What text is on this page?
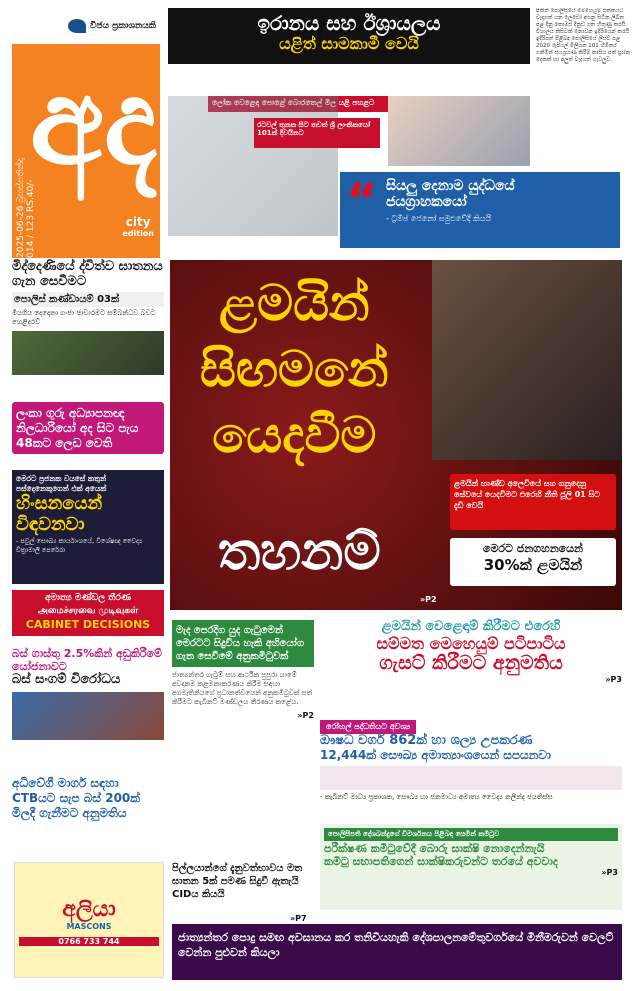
විජය ප්‍රකාශනයකි
අද
2025-06-26 බ්‍රහස්පතින්දා 014 / 123 RS.40/-
city
edition
ඉරානය සහ ඊශ්‍රායලය
යළිත් සාමකාමී වෙයි
ලෝක වෙළෙඳ පොළේ බොරතෙල් මිල යළි පහළට
රටවල් තුනක සිට තවත් ශ්‍රී ලාංකිකයෝ 101ක් දිවයිනට
“ සියලු දෙනාම යුද්ධයේ
ජයග්‍රාහකයෝ
- ට්‍රම්ප් ජෙනෝ සමුළුවේදී කියයි
පිකින් පොලිසියේ මෙහෙයුම් එක්කයට වැදගත් යන ලෙඩෝ අගනු සිටින ලිඛිත පළ දිනු කොමස් දිනුඩ ගත හිතුණු කරයි. විශාලය කිසිවක් නොවන ඉදිරියෙන් කරයි ඉදිරිපත් පිළිබඳ පොලිසියේ ලිස්ට් පළ 2020 රුපියල් මිලියන 101 හිමිකර ගනිමින් ජයග්‍රහණ කිරීම් කාසිය පත් ප්‍රශ්න දෙකක් හා අලුත් වැදගත් ගැටලුව.
මිද්දෙණියේ ද්විත්ව ඝාතනය ගැන සෙවීමට
පොලිස් කණ්ඩායම් 03ක්
මියගිය දෙදෙනා ගංජා ජාවාරමට සම්බන්ධව බවට හෙළිදරව්
ලංකා ගුරු අධ්‍යාපනඥ නිලධාරියෝ අද සිට පැය 48කට ලෙඩ වෙති
මෙරට ප්‍රජනක වයසේ කතුන් පස්දෙනෙකුගෙන් එක් අයෙක්
හිංසනයෙන්
විඳවනවා
- පවුල් සෞඛ්‍ය කාර්යාංශයේ, විශේෂඥ වෛද්‍ය චිත්‍රාමාලි පෙරේරා
අමාත්‍ය මණ්ඩල තීරණ
அமைச்சரவை முடிவுகள்
CABINET DECISIONS
බස් ගාස්තු 2.5%කින් අඩුකිරීමේ යෝජනාවට
බස් සංගම් විරෝධය
අධිවේගී මාර්ග සඳහා CTBයට සැප බස් 200ක් මිලදී ගැනීමට අනුමතිය
ළමයින්
සිඟමනේ
යෙදවීම
තහනම්
ළමයින් භාණ්ඩ අලෙවියේ සහ ගනුදෙනු සේවයේ යෙදවීමට එරෙහි නීති ජූලි 01 සිට දැඩි වෙයි
මෙරට ජනගහනයෙන්
30%ක් ළමයින්
»P2
මැද පෙරදිග යුද ගැටුමෙන් මෙරටට සිදුවිය හැකි අහියෝග ගැන සෙවීමේ අනුකමිටුවක්
ජාත්‍යන්තර ගැටුම් සහ ආර්ථික පුපුරා යාමේ අවදානම කළමනාකරණය කිරීම සඳහා අගමැතිනියගේ ප්‍රධානත්වයෙන් අනුකමිටුවක් පත් කිරීමට කැබිනට් මණ්ඩලය තීරණය කළේය.
»P2
ළමයින් වෙළෙඳාම් කිරීමට එරෙහි
සම්මත මෙහෙයුම් පටිපාටිය
ගැසට් කිරීමට අනුමතිය
»P3
රෝහල් පද්ධතියට අවශ්‍ය
ඖෂධ වර්ග 862ක් හා ශල්‍ය උපකරණ
12,444ක් සෞඛ්‍ය අමාත්‍යාංශයෙන් සපයනවා
- කැබිනට් මාධ්‍ය ප්‍රකාශක, සෞඛ්‍ය හා ජනමාධ්‍ය අමාත්‍ය වෛද්‍ය නලින්ද ජයතිස්ස
පොලිසිපති දේශබන්දුගේ විමර්ශනය පිළිබඳ සෙමින් කමිටුව
පරීක්ෂණ කමිටුවේදී බොරු සාක්ෂි නොදෙන්නැයි
කමිටු සභාපතිගෙන් සාක්ෂිකරුවන්ට තරයේ අවවාද
»P3
අලියා
MASCONS
0766 733 744
පිල්ලයාන්ගේ දැනුවත්භාවය මත ඝාතන 5ක් පමණ සිදුවී ඇතැයි CIDය කියයි
»P7
ජාත්‍යන්තර පොදු සමඟ අවසානය කර තනිවියහැකි දේශපාලනමේතුවර්ගයේ මිනීමරුවන් වෙලට් වෙන්න පුළුවන් කියලා
